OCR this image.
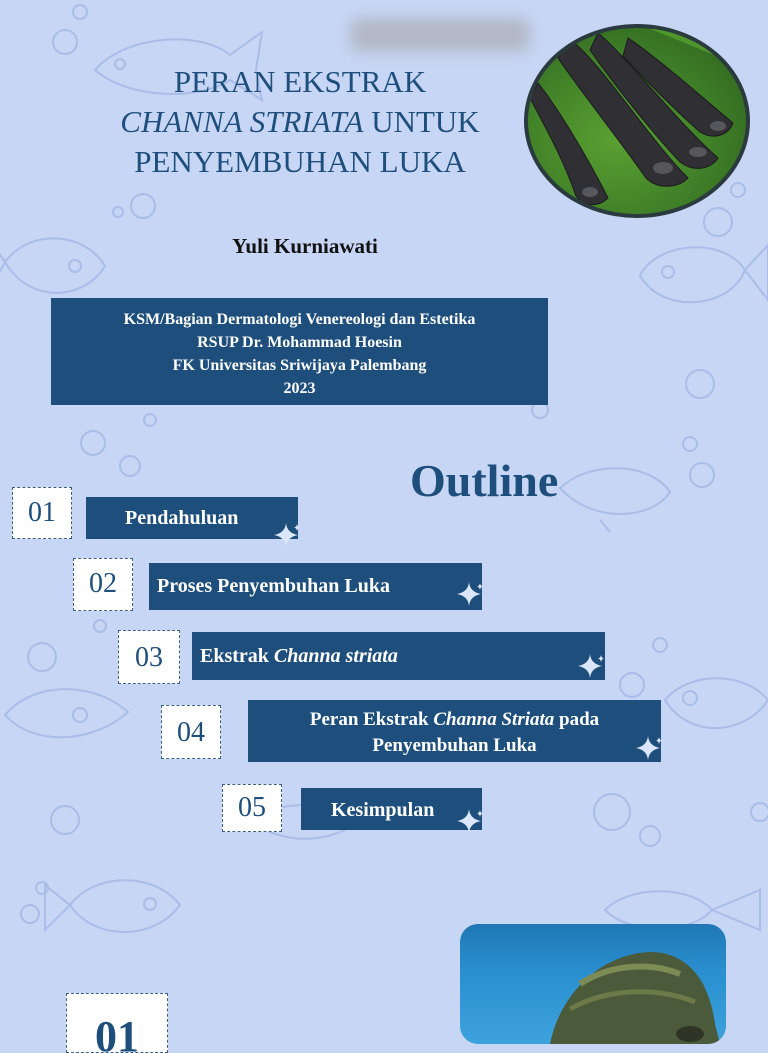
PERAN EKSTRAK
CHANNA STRIATA UNTUK
PENYEMBUHAN LUKA
Yuli Kurniawati
KSM/Bagian Dermatologi Venereologi dan Estetika
RSUP Dr. Mohammad Hoesin
FK Universitas Sriwijaya Palembang
2023
Outline
01	Pendahuluan
02	Proses Penyembuhan Luka
03	Ekstrak Channa striata
04	Peran Ekstrak Channa Striata pada
Penyembuhan Luka
05	Kesimpulan
01
